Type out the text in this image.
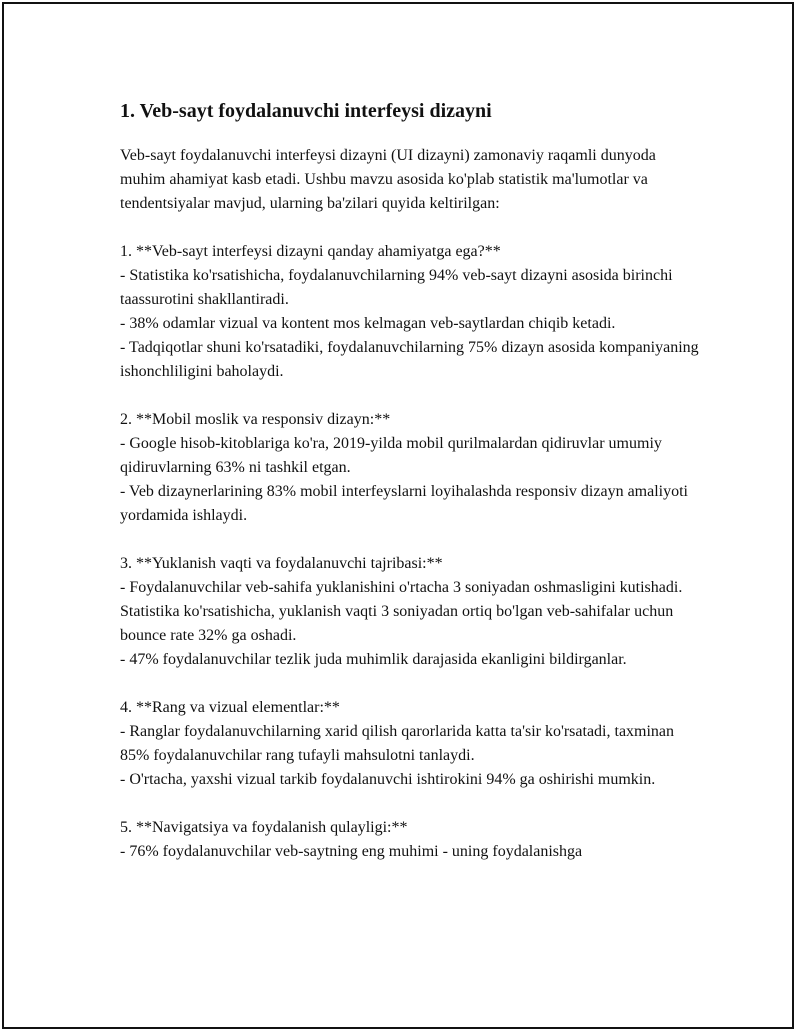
1. Veb-sayt foydalanuvchi interfeysi dizayni

Veb-sayt foydalanuvchi interfeysi dizayni (UI dizayni) zamonaviy raqamli dunyoda muhim ahamiyat kasb etadi. Ushbu mavzu asosida ko'plab statistik ma'lumotlar va tendentsiyalar mavjud, ularning ba'zilari quyida keltirilgan:

1. **Veb-sayt interfeysi dizayni qanday ahamiyatga ega?**

- Statistika ko'rsatishicha, foydalanuvchilarning 94% veb-sayt dizayni asosida birinchi taassurotini shakllantiradi.
- 38% odamlar vizual va kontent mos kelmagan veb-saytlardan chiqib ketadi.
- Tadqiqotlar shuni ko'rsatadiki, foydalanuvchilarning 75% dizayn asosida kompaniyaning ishonchliligini baholaydi.

2. **Mobil moslik va responsiv dizayn:**

- Google hisob-kitoblariga ko'ra, 2019-yilda mobil qurilmalardan qidiruvlar umumiy qidiruvlarning 63% ni tashkil etgan.
- Veb dizaynerlarining 83% mobil interfeyslarni loyihalashda responsiv dizayn amaliyoti yordamida ishlaydi.

3. **Yuklanish vaqti va foydalanuvchi tajribasi:**

- Foydalanuvchilar veb-sahifa yuklanishini o'rtacha 3 soniyadan oshmasligini kutishadi. Statistika ko'rsatishicha, yuklanish vaqti 3 soniyadan ortiq bo'lgan veb-sahifalar uchun bounce rate 32% ga oshadi.
- 47% foydalanuvchilar tezlik juda muhimlik darajasida ekanligini bildirganlar.

4. **Rang va vizual elementlar:**

- Ranglar foydalanuvchilarning xarid qilish qarorlarida katta ta'sir ko'rsatadi, taxminan 85% foydalanuvchilar rang tufayli mahsulotni tanlaydi.
- O'rtacha, yaxshi vizual tarkib foydalanuvchi ishtirokini 94% ga oshirishi mumkin.

5. **Navigatsiya va foydalanish qulayligi:**

- 76% foydalanuvchilar veb-saytning eng muhimi - uning foydalanishga
